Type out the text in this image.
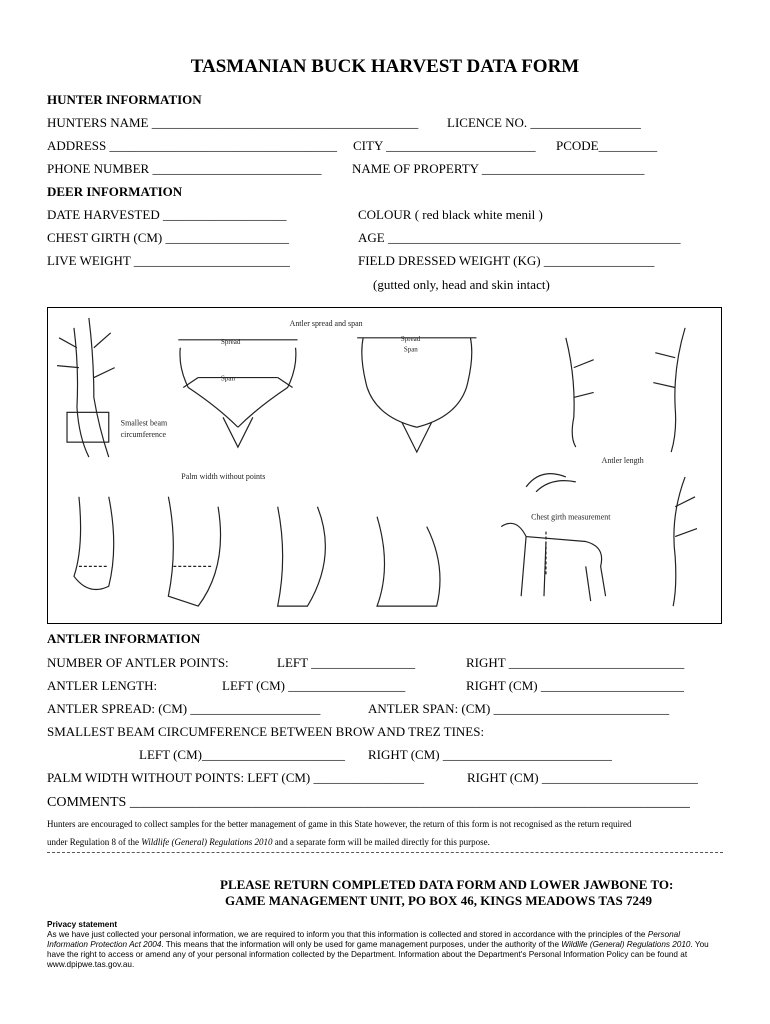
TASMANIAN BUCK HARVEST DATA FORM
HUNTER INFORMATION
HUNTERS NAME _________________________________________ LICENCE NO. _________________
ADDRESS ___________________________________ CITY _______________________ PCODE_________
PHONE NUMBER __________________________ NAME OF PROPERTY _________________________
DEER INFORMATION
DATE HARVESTED ___________________	COLOUR ( red black white menil )
CHEST GIRTH (CM) ___________________	AGE _____________________________________________
LIVE WEIGHT ________________________	FIELD DRESSED WEIGHT (KG) _________________
(gutted only, head and skin intact)
Smallest beam
circumference
Spread
Span
Antler spread and span
Spread
Span
Antler length
Palm width without points
Chest girth measurement
ANTLER INFORMATION
NUMBER OF ANTLER POINTS:	LEFT ________________	RIGHT ___________________________
ANTLER LENGTH:	LEFT (CM) __________________	RIGHT (CM) ______________________
ANTLER SPREAD: (CM) ____________________	ANTLER SPAN: (CM) ___________________________
SMALLEST BEAM CIRCUMFERENCE BETWEEN BROW AND TREZ TINES:
LEFT (CM)______________________ RIGHT (CM) __________________________
PALM WIDTH WITHOUT POINTS: LEFT (CM) _________________	RIGHT (CM) ________________________
COMMENTS ________________________________________________________________________________
Hunters are encouraged to collect samples for the better management of game in this State however, the return of this form is not recognised as the return required
under Regulation 8 of the Wildlife (General) Regulations 2010 and a separate form will be mailed directly for this purpose.
PLEASE RETURN COMPLETED DATA FORM AND LOWER JAWBONE TO:
GAME MANAGEMENT UNIT, PO BOX 46, KINGS MEADOWS TAS 7249
Privacy statement
As we have just collected your personal information, we are required to inform you that this information is collected and stored in accordance with the principles of the Personal Information Protection Act 2004. This means that the information will only be used for game management purposes, under the authority of the Wildlife (General) Regulations 2010. You have the right to access or amend any of your personal information collected by the Department. Information about the Department's Personal Information Policy can be found at www.dpipwe.tas.gov.au.
